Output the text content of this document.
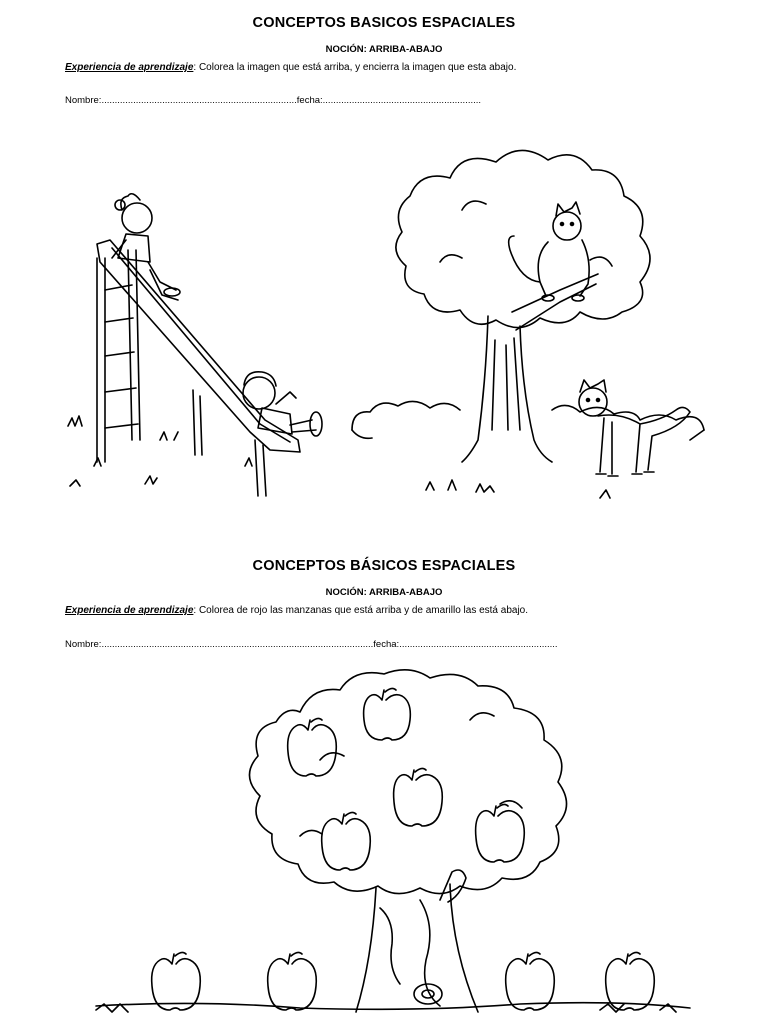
CONCEPTOS BASICOS ESPACIALES
NOCIÓN: ARRIBA-ABAJO
Experiencia de aprendizaje: Colorea la imagen que está arriba, y encierra la imagen que esta abajo.
Nombre:..........................................................................fecha:............................................................
CONCEPTOS BÁSICOS ESPACIALES
NOCIÓN: ARRIBA-ABAJO
Experiencia de aprendizaje: Colorea de rojo las manzanas que está arriba y de amarillo las está abajo.
Nombre:.......................................................................................................fecha:............................................................
